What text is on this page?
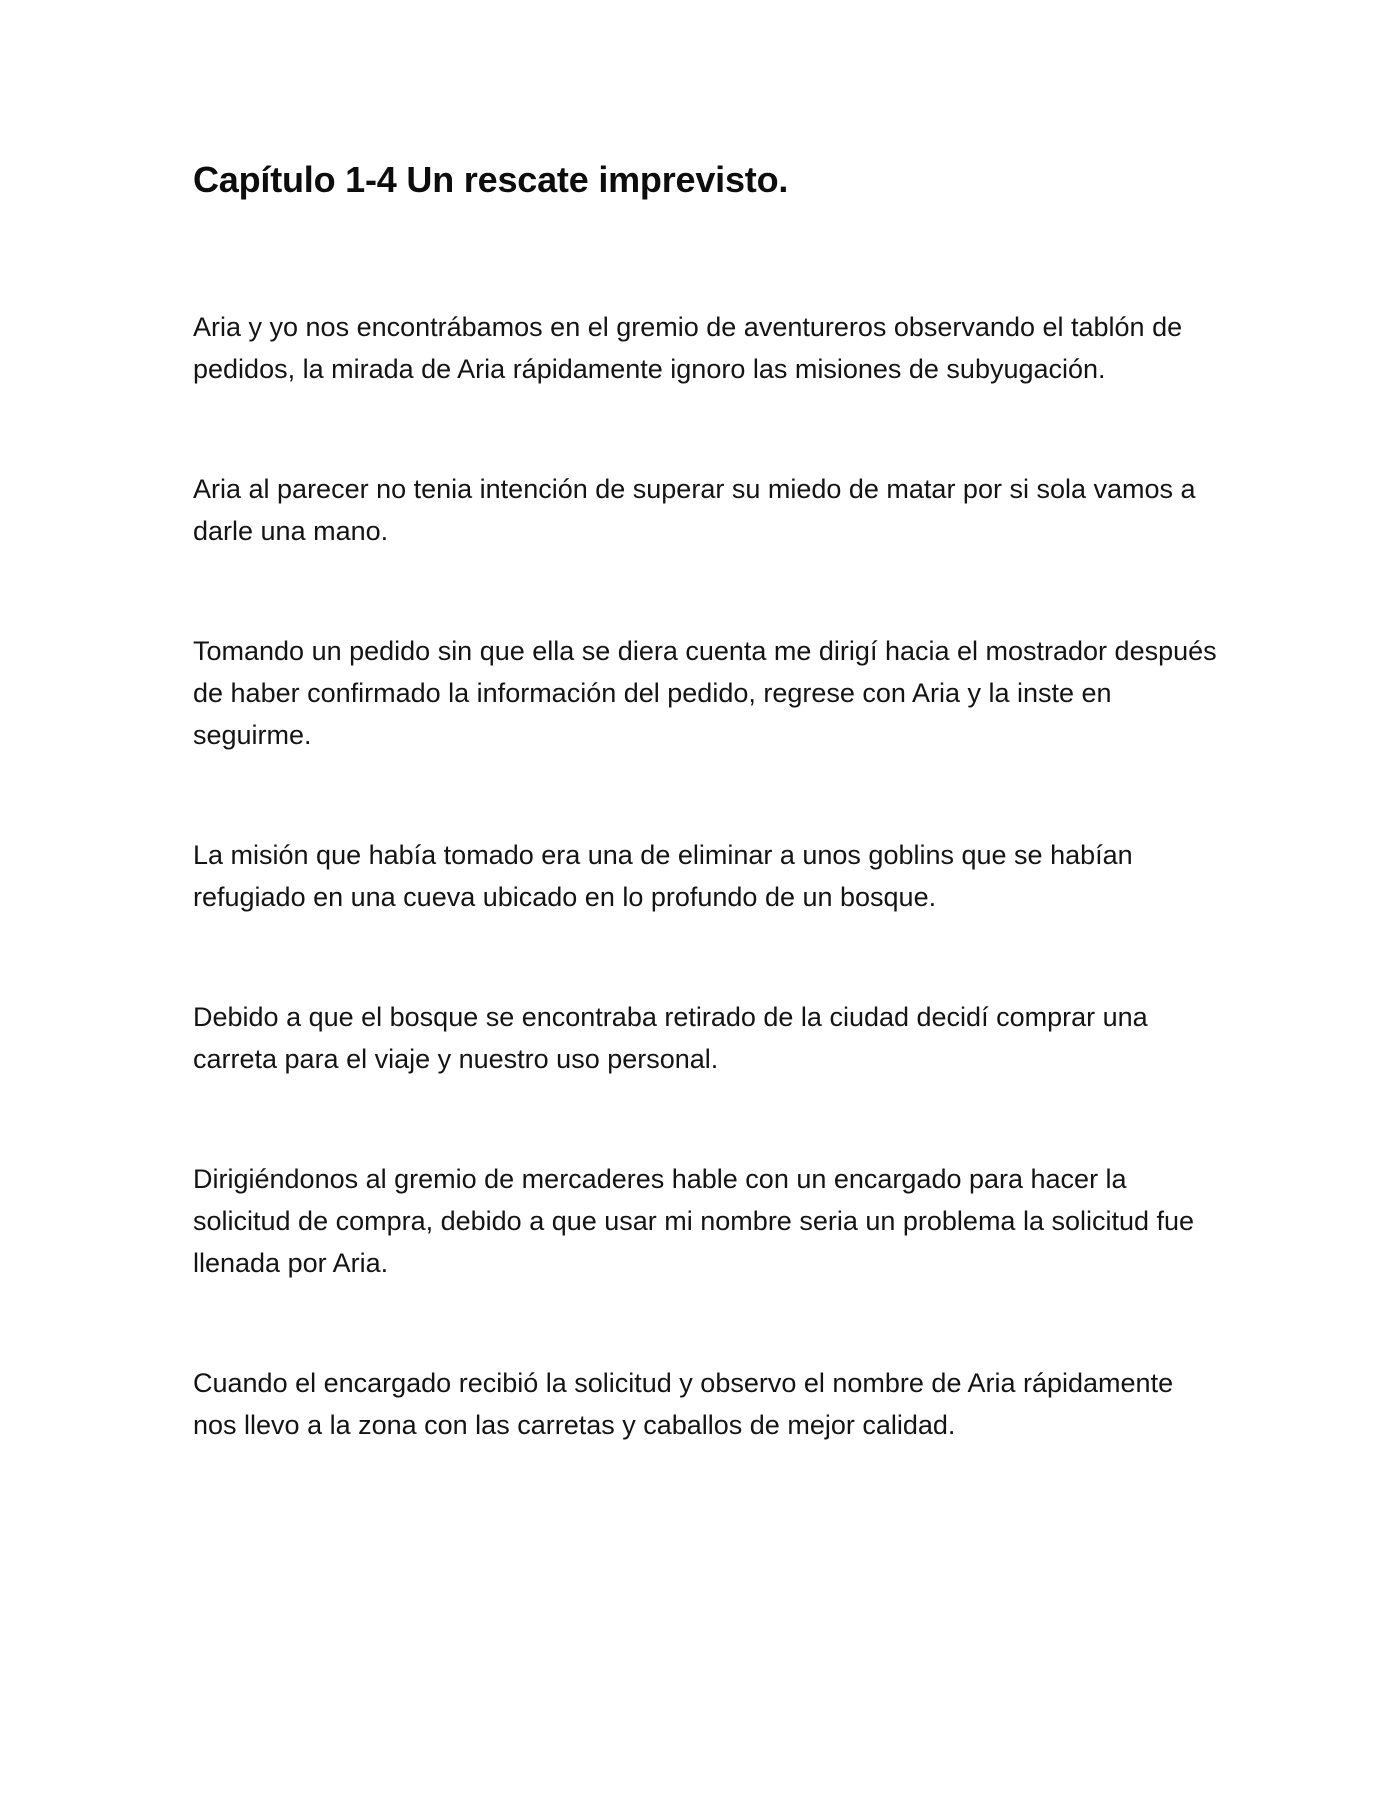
Capítulo 1-4 Un rescate imprevisto.

Aria y yo nos encontrábamos en el gremio de aventureros observando el tablón de pedidos, la mirada de Aria rápidamente ignoro las misiones de subyugación.

Aria al parecer no tenia intención de superar su miedo de matar por si sola vamos a darle una mano.

Tomando un pedido sin que ella se diera cuenta me dirigí hacia el mostrador después de haber confirmado la información del pedido, regrese con Aria y la inste en seguirme.

La misión que había tomado era una de eliminar a unos goblins que se habían refugiado en una cueva ubicado en lo profundo de un bosque.

Debido a que el bosque se encontraba retirado de la ciudad decidí comprar una carreta para el viaje y nuestro uso personal.

Dirigiéndonos al gremio de mercaderes hable con un encargado para hacer la solicitud de compra, debido a que usar mi nombre seria un problema la solicitud fue llenada por Aria.

Cuando el encargado recibió la solicitud y observo el nombre de Aria rápidamente nos llevo a la zona con las carretas y caballos de mejor calidad.
